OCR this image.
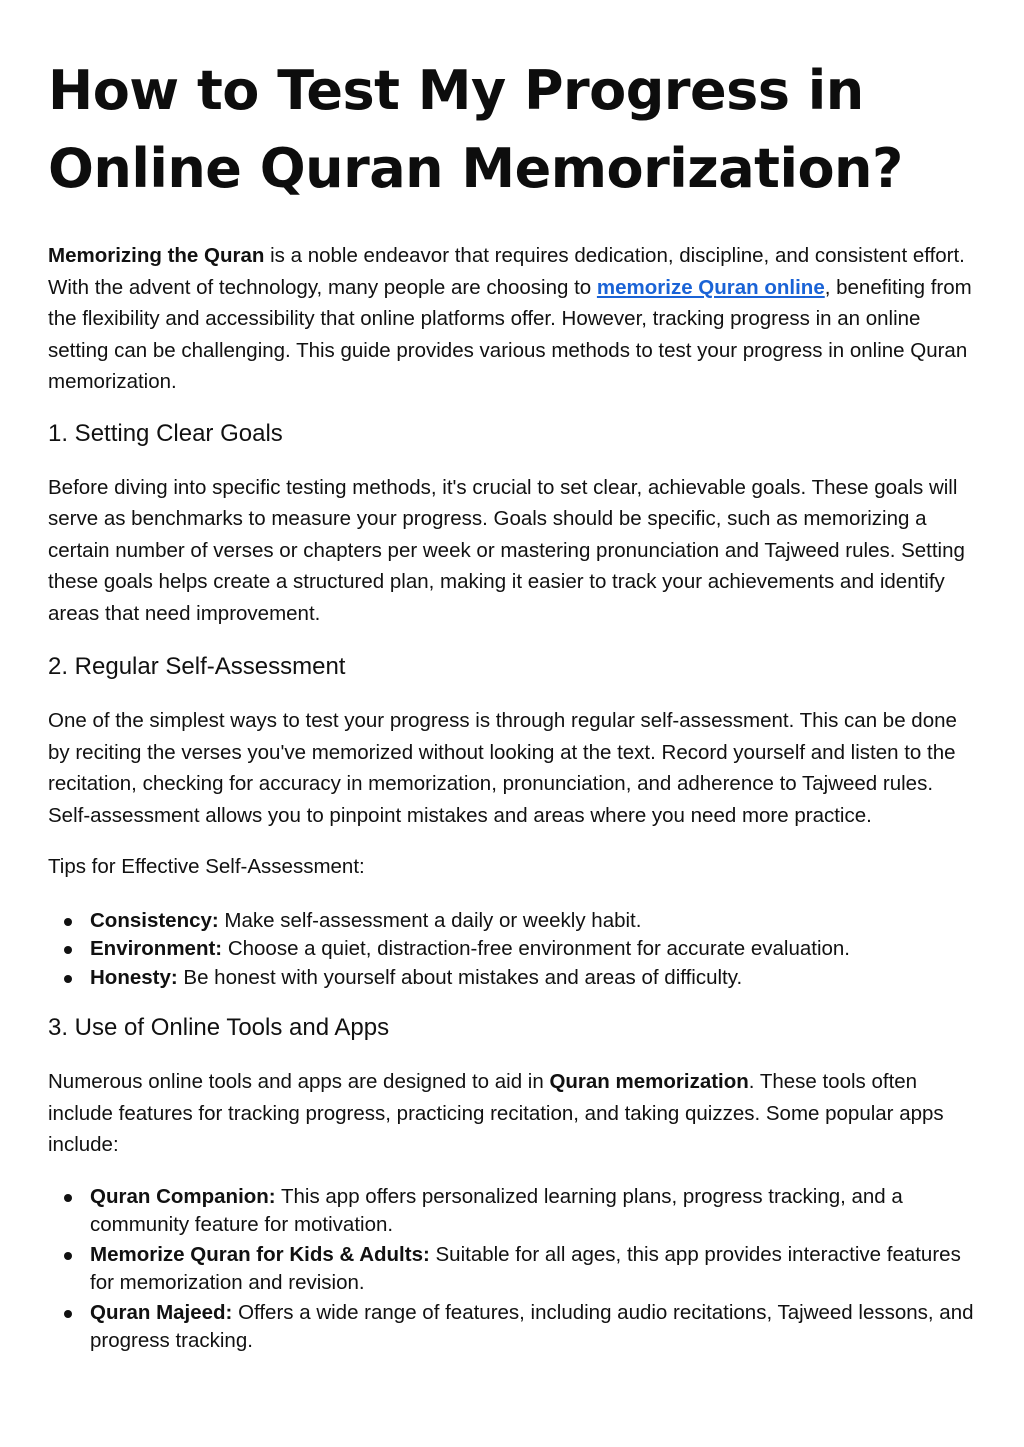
How to Test My Progress in Online Quran Memorization?

Memorizing the Quran is a noble endeavor that requires dedication, discipline, and consistent effort. With the advent of technology, many people are choosing to memorize Quran online, benefiting from the flexibility and accessibility that online platforms offer. However, tracking progress in an online setting can be challenging. This guide provides various methods to test your progress in online Quran memorization.

1. Setting Clear Goals

Before diving into specific testing methods, it's crucial to set clear, achievable goals. These goals will serve as benchmarks to measure your progress. Goals should be specific, such as memorizing a certain number of verses or chapters per week or mastering pronunciation and Tajweed rules. Setting these goals helps create a structured plan, making it easier to track your achievements and identify areas that need improvement.

2. Regular Self-Assessment

One of the simplest ways to test your progress is through regular self-assessment. This can be done by reciting the verses you've memorized without looking at the text. Record yourself and listen to the recitation, checking for accuracy in memorization, pronunciation, and adherence to Tajweed rules. Self-assessment allows you to pinpoint mistakes and areas where you need more practice.

Tips for Effective Self-Assessment:

Consistency: Make self-assessment a daily or weekly habit.
Environment: Choose a quiet, distraction-free environment for accurate evaluation.
Honesty: Be honest with yourself about mistakes and areas of difficulty.
3. Use of Online Tools and Apps

Numerous online tools and apps are designed to aid in Quran memorization. These tools often include features for tracking progress, practicing recitation, and taking quizzes. Some popular apps include:

Quran Companion: This app offers personalized learning plans, progress tracking, and a community feature for motivation.
Memorize Quran for Kids & Adults: Suitable for all ages, this app provides interactive features for memorization and revision.
Quran Majeed: Offers a wide range of features, including audio recitations, Tajweed lessons, and progress tracking.
